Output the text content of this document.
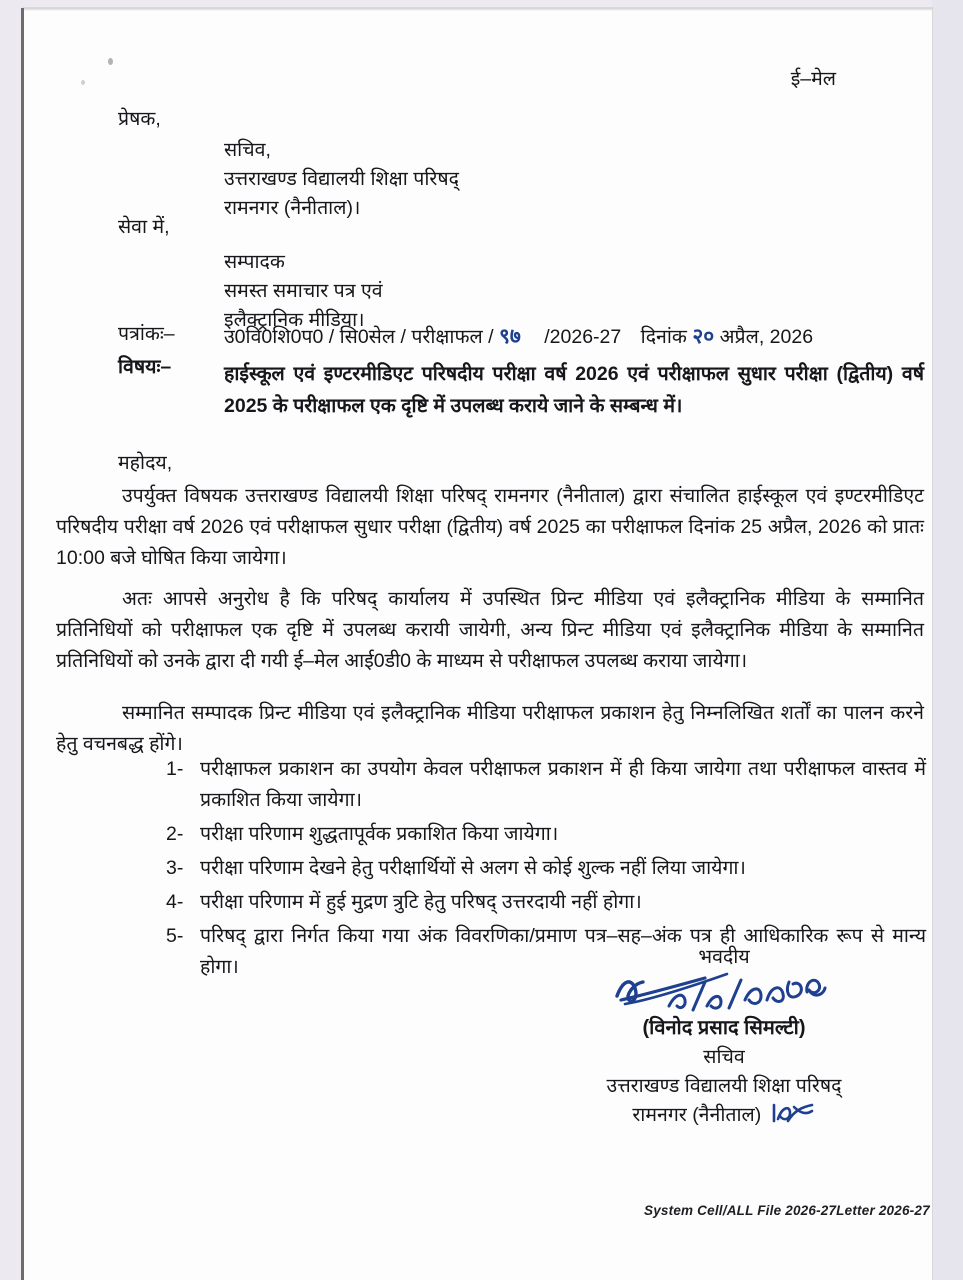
ई–मेल
प्रेषक,
सचिव,
उत्तराखण्ड विद्यालयी शिक्षा परिषद्
रामनगर (नैनीताल)।
सेवा में,
सम्पादक
समस्त समाचार पत्र एवं
इलैक्ट्रानिक मीडिया।
पत्रांकः–	उ0वि0शि0प0 / सि0सेल / परीक्षाफल / ९७ /2026-27 दिनांक २० अप्रैल, 2026
विषयः–	हाईस्कूल एवं इण्टरमीडिएट परिषदीय परीक्षा वर्ष 2026 एवं परीक्षाफल सुधार परीक्षा (द्वितीय) वर्ष 2025 के परीक्षाफल एक दृष्टि में उपलब्ध कराये जाने के सम्बन्ध में।
महोदय,
उपर्युक्त विषयक उत्तराखण्ड विद्यालयी शिक्षा परिषद् रामनगर (नैनीताल) द्वारा संचालित हाईस्कूल एवं इण्टरमीडिएट परिषदीय परीक्षा वर्ष 2026 एवं परीक्षाफल सुधार परीक्षा (द्वितीय) वर्ष 2025 का परीक्षाफल दिनांक 25 अप्रैल, 2026 को प्रातः 10:00 बजे घोषित किया जायेगा।
अतः आपसे अनुरोध है कि परिषद् कार्यालय में उपस्थित प्रिन्ट मीडिया एवं इलैक्ट्रानिक मीडिया के सम्मानित प्रतिनिधियों को परीक्षाफल एक दृष्टि में उपलब्ध करायी जायेगी, अन्य प्रिन्ट मीडिया एवं इलैक्ट्रानिक मीडिया के सम्मानित प्रतिनिधियों को उनके द्वारा दी गयी ई–मेल आई0डी0 के माध्यम से परीक्षाफल उपलब्ध कराया जायेगा।
सम्मानित सम्पादक प्रिन्ट मीडिया एवं इलैक्ट्रानिक मीडिया परीक्षाफल प्रकाशन हेतु निम्नलिखित शर्तों का पालन करने हेतु वचनबद्ध होंगे।
1- परीक्षाफल प्रकाशन का उपयोग केवल परीक्षाफल प्रकाशन में ही किया जायेगा तथा परीक्षाफल वास्तव में प्रकाशित किया जायेगा।
2- परीक्षा परिणाम शुद्धतापूर्वक प्रकाशित किया जायेगा।
3- परीक्षा परिणाम देखने हेतु परीक्षार्थियों से अलग से कोई शुल्क नहीं लिया जायेगा।
4- परीक्षा परिणाम में हुई मुद्रण त्रुटि हेतु परिषद् उत्तरदायी नहीं होगा।
5- परिषद् द्वारा निर्गत किया गया अंक विवरणिका/प्रमाण पत्र–सह–अंक पत्र ही आधिकारिक रूप से मान्य होगा।	भवदीय
(विनोद प्रसाद सिमल्टी)
सचिव
उत्तराखण्ड विद्यालयी शिक्षा परिषद्
रामनगर (नैनीताल)
System Cell/ALL File 2026-27Letter 2026-27
